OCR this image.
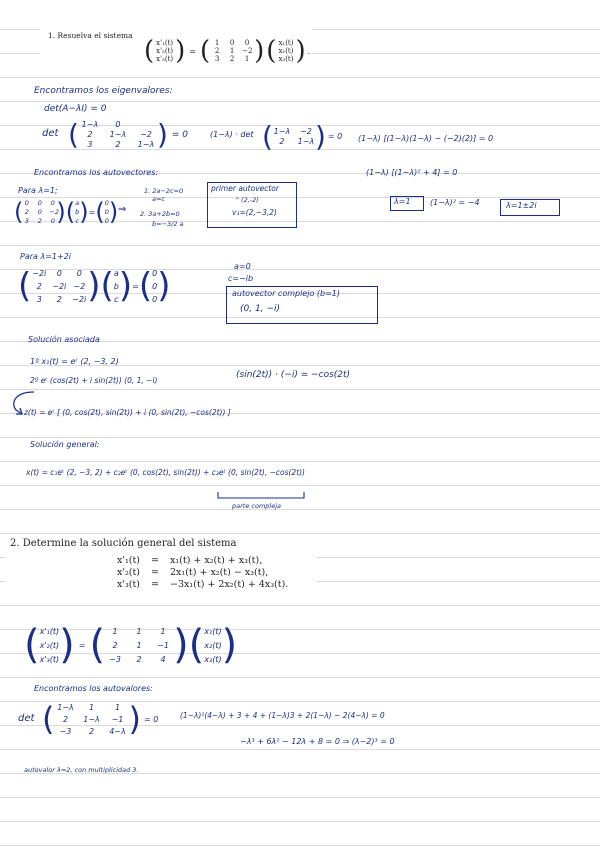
1. Resuelva el sistema
( x'₁(t)
x'₂(t)
x'₃(t) ) = ( 1	0	0
2	1	−2
3	2	1 ) ( x₁(t)
x₂(t)
x₃(t) ) .
Encontramos los eigenvalores:
det(A−λI) = 0
det ( 1−λ	0
2	1−λ	−2
3	2	1−λ ) = 0	(1−λ) · det ( 1−λ	−2
2	1−λ ) = 0 (1−λ) [(1−λ)(1−λ) − (−2)(2)] = 0
(1−λ) [(1−λ)² + 4] = 0
Encontramos los autovectores:
λ=1 (1−λ)² = −4	λ=1±2i
Para λ=1;
( 0 0 0
2 0 −2
3 2 0 ) ( a
b
c ) = ( 0
0
0 ) ⇒
1. 2a−2c=0
a=c
2. 3a+2b=0
b=−3/2 a
primer autovector
" (2,-2)
v₁=(2,−3,2)
Para λ=1+2i
( −2i	0	0
2	−2i −2
3	2	−2i ) ( a
b
c ) = ( 0
0
0 )	a=0
c=−ib
autovector complejo (b=1)
(0, 1, −i)
Solución asociada
1º x₁(t) = eᵗ (2, −3, 2)
2º eᵗ (cos(2t) + i sin(2t)) (0, 1, −i)
(sin(2t)) · (−i) = −cos(2t)
z(t) = eᵗ [ (0, cos(2t), sin(2t)) + i (0, sin(2t), −cos(2t)) ]
Solución general:
x(t) = c₁eᵗ (2, −3, 2) + c₂eᵗ (0, cos(2t), sin(2t)) + c₃eᵗ (0, sin(2t), −cos(2t))
parte compleja
2. Determine la solución general del sistema
x'₁(t)	=	x₁(t) + x₂(t) + x₃(t),
x'₂(t)	=	2x₁(t) + x₂(t) − x₃(t),
x'₃(t)	=	−3x₁(t) + 2x₂(t) + 4x₃(t).
( x'₁(t)
x'₂(t)
x'₃(t) ) = ( 1	1	1
2	1	−1
−3	2	4 ) ( x₁(t)
x₂(t)
x₃(t) )
Encontramos los autovalores:
det ( 1−λ	1	1
2	1−λ	−1
−3	2	4−λ ) = 0	(1−λ)²(4−λ) + 3 + 4 + (1−λ)3 + 2(1−λ) − 2(4−λ) = 0
−λ³ + 6λ² − 12λ + 8 = 0 ⇒ (λ−2)³ = 0
autovalor λ=2, con multiplicidad 3.
